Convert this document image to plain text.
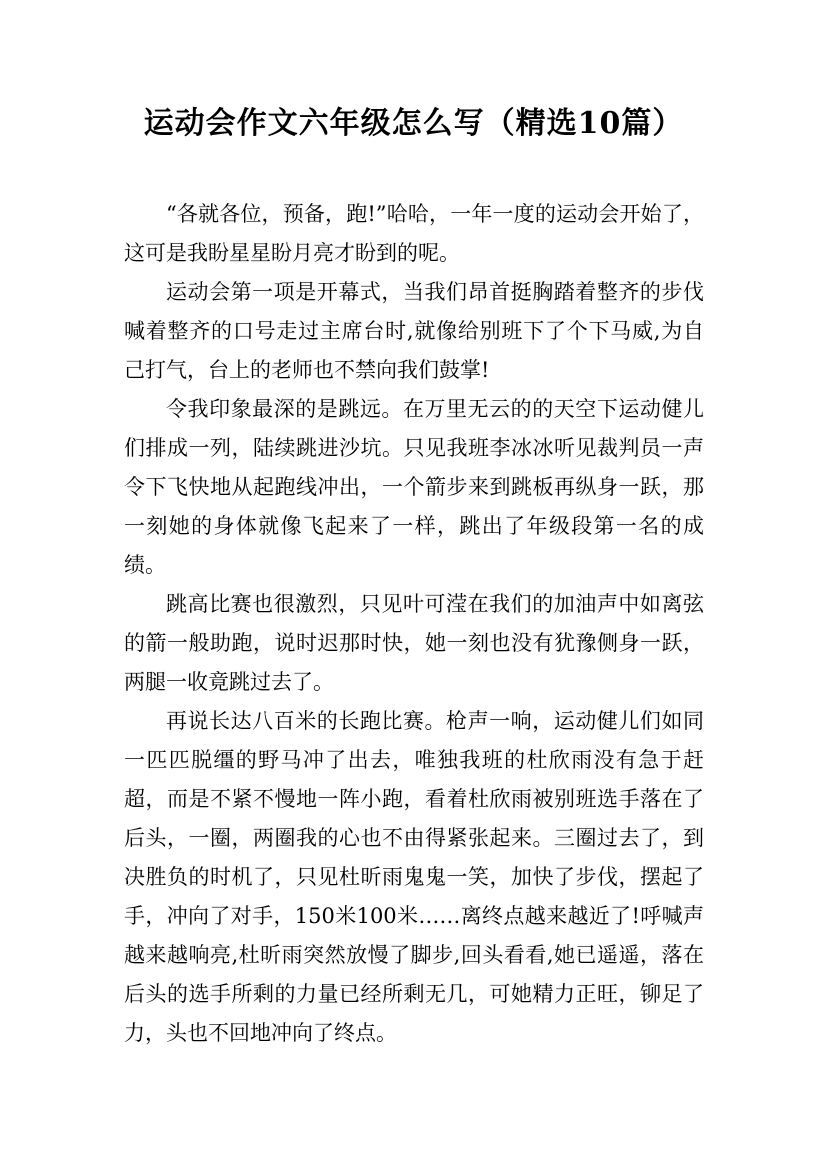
运动会作文六年级怎么写（精选10篇）

“各就各位，预备，跑!”哈哈，一年一度的运动会开始了，这可是我盼星星盼月亮才盼到的呢。

运动会第一项是开幕式，当我们昂首挺胸踏着整齐的步伐喊着整齐的口号走过主席台时,就像给别班下了个下马威,为自己打气，台上的老师也不禁向我们鼓掌!

令我印象最深的是跳远。在万里无云的的天空下运动健儿们排成一列，陆续跳进沙坑。只见我班李冰冰听见裁判员一声令下飞快地从起跑线冲出，一个箭步来到跳板再纵身一跃，那一刻她的身体就像飞起来了一样，跳出了年级段第一名的成绩。

跳高比赛也很激烈，只见叶可滢在我们的加油声中如离弦的箭一般助跑，说时迟那时快，她一刻也没有犹豫侧身一跃，两腿一收竟跳过去了。

再说长达八百米的长跑比赛。枪声一响，运动健儿们如同一匹匹脱缰的野马冲了出去，唯独我班的杜欣雨没有急于赶超，而是不紧不慢地一阵小跑，看着杜欣雨被别班选手落在了后头，一圈，两圈我的心也不由得紧张起来。三圈过去了，到决胜负的时机了，只见杜昕雨鬼鬼一笑，加快了步伐，摆起了手，冲向了对手，150米100米……离终点越来越近了!呼喊声越来越响亮,杜昕雨突然放慢了脚步,回头看看,她已遥遥，落在后头的选手所剩的力量已经所剩无几，可她精力正旺，铆足了力，头也不回地冲向了终点。
